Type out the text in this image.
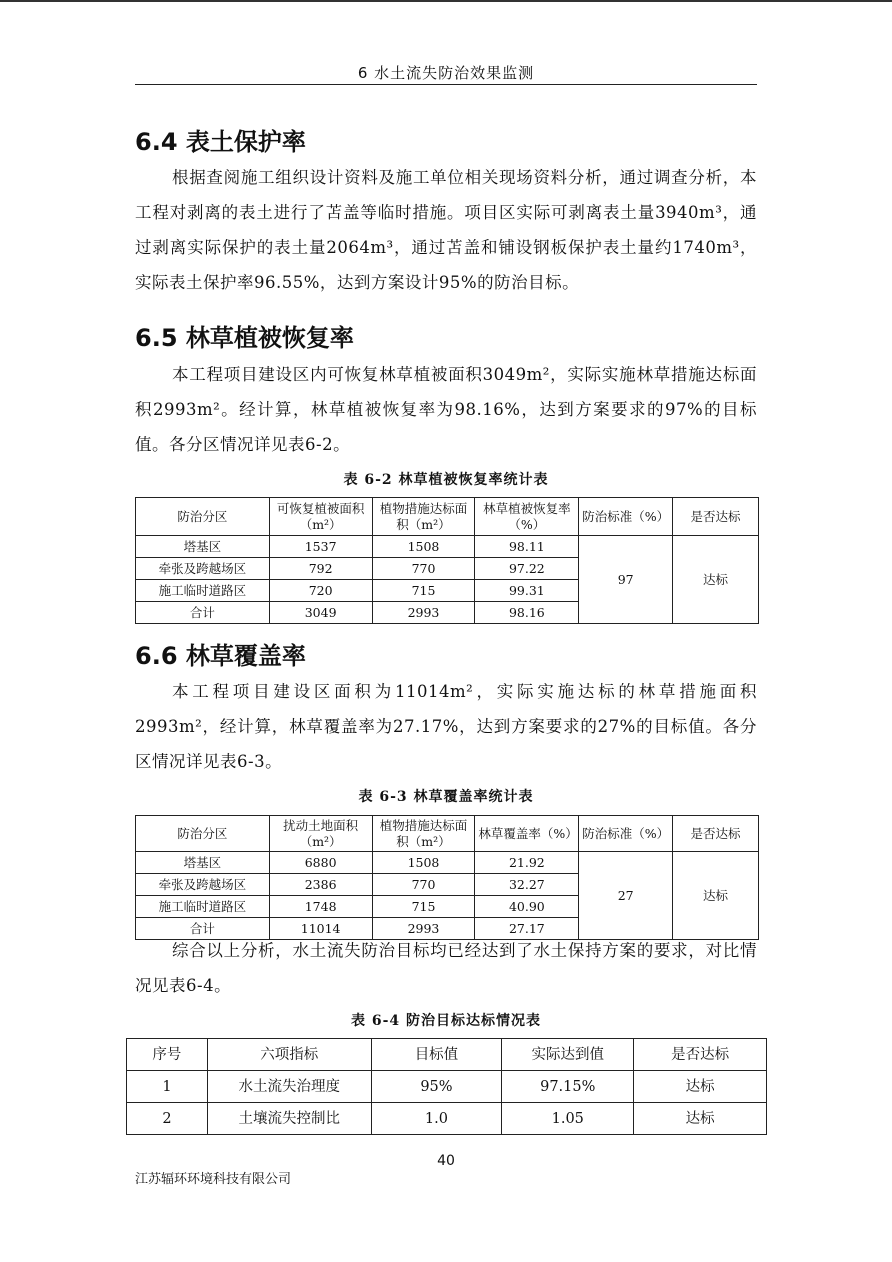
6 水土流失防治效果监测
6.4 表土保护率

根据查阅施工组织设计资料及施工单位相关现场资料分析，通过调查分析，本工程对剥离的表土进行了苫盖等临时措施。项目区实际可剥离表土量3940m³，通过剥离实际保护的表土量2064m³，通过苫盖和铺设钢板保护表土量约1740m³，实际表土保护率96.55%，达到方案设计95%的防治目标。

6.5 林草植被恢复率

本工程项目建设区内可恢复林草植被面积3049m²，实际实施林草措施达标面积2993m²。经计算，林草植被恢复率为98.16%，达到方案要求的97%的目标值。各分区情况详见表6-2。

表 6-2 林草植被恢复率统计表
防治分区	可恢复植被面积（m²）	植物措施达标面积（m²）	林草植被恢复率（%）	防治标准（%）	是否达标
塔基区	1537	1508	98.11	97	达标
牵张及跨越场区	792	770	97.22		
施工临时道路区	720	715	99.31		
合计	3049	2993	98.16		
6.6 林草覆盖率

本工程项目建设区面积为11014m²，实际实施达标的林草措施面积2993m²，经计算，林草覆盖率为27.17%，达到方案要求的27%的目标值。各分区情况详见表6-3。

表 6-3 林草覆盖率统计表
防治分区	扰动土地面积（m²）	植物措施达标面积（m²）	林草覆盖率（%）	防治标准（%）	是否达标
塔基区	6880	1508	21.92	27	达标
牵张及跨越场区	2386	770	32.27		
施工临时道路区	1748	715	40.90		
合计	11014	2993	27.17		

综合以上分析，水土流失防治目标均已经达到了水土保持方案的要求，对比情况见表6-4。

表 6-4 防治目标达标情况表
序号	六项指标	目标值	实际达到值	是否达标
1	水土流失治理度	95%	97.15%	达标
2	土壤流失控制比	1.0	1.05	达标
40
江苏辐环环境科技有限公司
